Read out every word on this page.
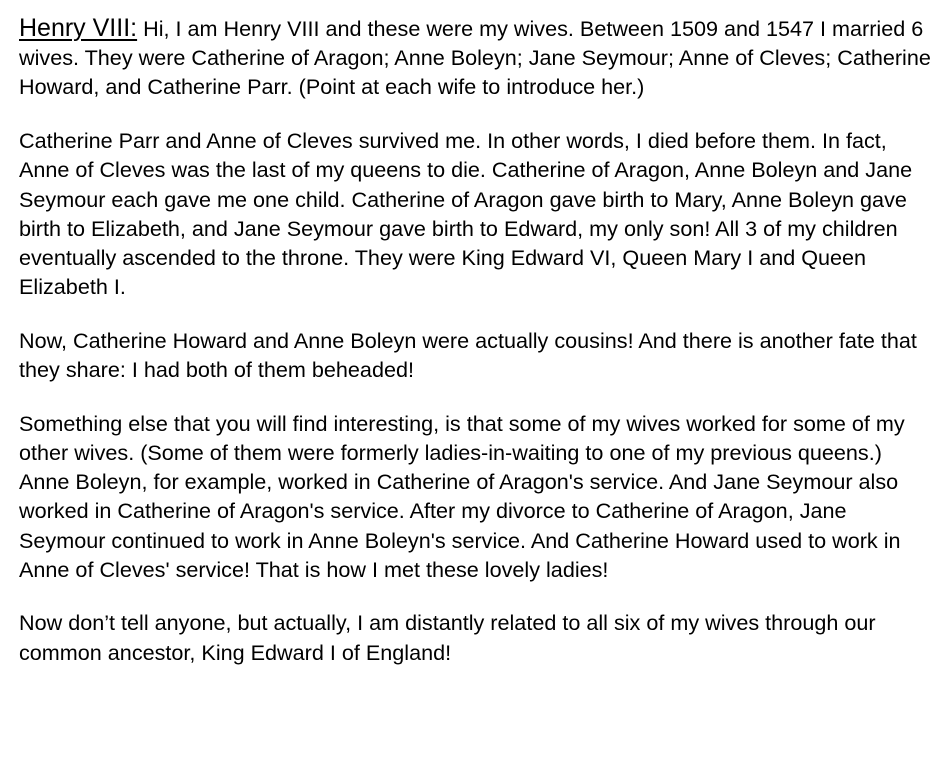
Henry VIII: Hi, I am Henry VIII and these were my wives. Between 1509 and 1547 I married 6 wives. They were Catherine of Aragon; Anne Boleyn; Jane Seymour; Anne of Cleves; Catherine Howard, and Catherine Parr. (Point at each wife to introduce her.)

Catherine Parr and Anne of Cleves survived me. In other words, I died before them. In fact, Anne of Cleves was the last of my queens to die. Catherine of Aragon, Anne Boleyn and Jane Seymour each gave me one child. Catherine of Aragon gave birth to Mary, Anne Boleyn gave birth to Elizabeth, and Jane Seymour gave birth to Edward, my only son! All 3 of my children eventually ascended to the throne. They were King Edward VI, Queen Mary I and Queen Elizabeth I.

Now, Catherine Howard and Anne Boleyn were actually cousins! And there is another fate that they share: I had both of them beheaded!

Something else that you will find interesting, is that some of my wives worked for some of my other wives. (Some of them were formerly ladies-in-waiting to one of my previous queens.) Anne Boleyn, for example, worked in Catherine of Aragon's service. And Jane Seymour also worked in Catherine of Aragon's service. After my divorce to Catherine of Aragon, Jane Seymour continued to work in Anne Boleyn's service. And Catherine Howard used to work in Anne of Cleves' service! That is how I met these lovely ladies!

Now don’t tell anyone, but actually, I am distantly related to all six of my wives through our common ancestor, King Edward I of England!
